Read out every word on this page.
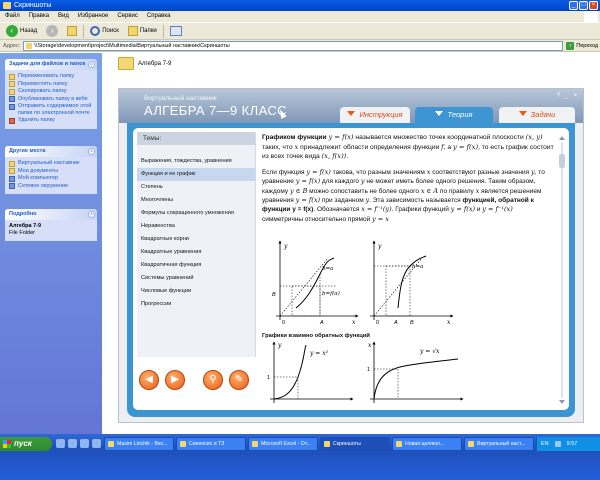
Скриншоты	_	□	×
Файл Правка Вид Избранное Сервис Справка
‹	Назад	›	Поиск	Папки
Адрес:	\\Storage\development\project\Multimedia\Виртуальный наставник\Скриншоты	› Переход
Задачи для файлов и папок	^
Переименовать папку
Переместить папку
Скопировать папку
Опубликовать папку в вебе
Отправить содержимое этой папки по электронной почте
Удалить папку
Другие места	^
Виртуальный наставник
Мои документы
Мой компьютер
Сетевое окружение
Подробно	^
Алгебра 7-9
File Folder
Алгебра 7-9
Виртуальный наставник
АЛГЕБРА 7—9 КЛАСС
? _ ×
Инструкция	Теория	Задачи
Темы:
Выражения, тождества, уравнения
Функция и ее график
Степень
Многочлены
Формулы сокращенного умножения
Неравенства
Квадратные корни
Квадратные уравнения
Квадратичная функция
Системы уравнений
Числовые функции
Прогрессии
◀	▶	⚲	✎

Графиком функции y = f(x) называется множество точек координатной плоскости (x, y) таких, что x принадлежит области определения функции f, а y = f(x), то есть график состоит из всех точек вида (x, f(x)).

Если функция y = f(x) такова, что разным значениям x соответствуют разные значения y, то уравнение y = f(x) для каждого y не может иметь более одного решения. Таким образом, каждому y ∈ B можно сопоставить не более одного x ∈ A по правилу x является решением уравнения y = f(x) при заданном y. Эта зависимость называется функцией, обратной к функции y = f(x). Обозначается x = f⁻¹(y). Графики функций y = f(x) и y = f⁻¹(x) симметричны относительно прямой y = x

y
x
0	A
B
b=a
b=f(a)
y
x
0	A B
b=a
Графики взаимно обратных функций
1
y
y = x²
1
x
y = √x
пуск	Maxim Linchik - Вхо...	Синопсис и ТЗ	Microsoft Excel - От...	Скриншоты	Новая целлюл...	Виртуальный наст...	EN	9:57
